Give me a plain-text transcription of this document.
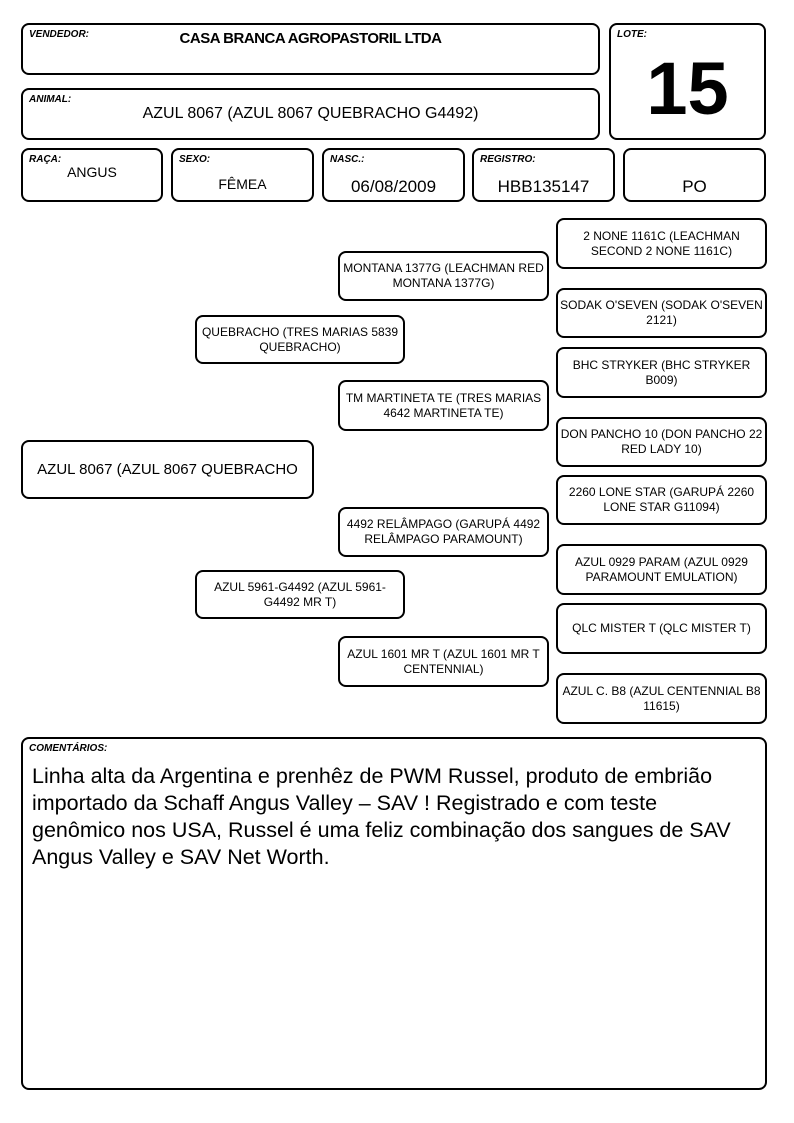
VENDEDOR:	CASA BRANCA AGROPASTORIL LTDA	LOTE:
15
ANIMAL:
AZUL 8067 (AZUL 8067 QUEBRACHO G4492)
RAÇA:
ANGUS
SEXO:
FÊMEA
NASC.:
06/08/2009
REGISTRO:
HBB135147	PO
AZUL 8067 (AZUL 8067 QUEBRACHO
QUEBRACHO (TRES MARIAS 5839 QUEBRACHO)
AZUL 5961-G4492 (AZUL 5961-G4492 MR T)
MONTANA 1377G (LEACHMAN RED MONTANA 1377G)
TM MARTINETA TE (TRES MARIAS 4642 MARTINETA TE)
4492 RELÂMPAGO (GARUPÁ 4492 RELÂMPAGO PARAMOUNT)
AZUL 1601 MR T (AZUL 1601 MR T CENTENNIAL)
2 NONE 1161C (LEACHMAN SECOND 2 NONE 1161C)
SODAK O'SEVEN (SODAK O'SEVEN 2121)
BHC STRYKER (BHC STRYKER B009)
DON PANCHO 10 (DON PANCHO 22 RED LADY 10)
2260 LONE STAR (GARUPÁ 2260 LONE STAR G11094)
AZUL 0929 PARAM (AZUL 0929 PARAMOUNT EMULATION)
QLC MISTER T (QLC MISTER T)
AZUL C. B8 (AZUL CENTENNIAL B8 11615)
COMENTÁRIOS:
Linha alta da Argentina e prenhêz de PWM Russel, produto de embrião importado da Schaff Angus Valley – SAV ! Registrado e com teste genômico nos USA, Russel é uma feliz combinação dos sangues de SAV Angus Valley e SAV Net Worth.
